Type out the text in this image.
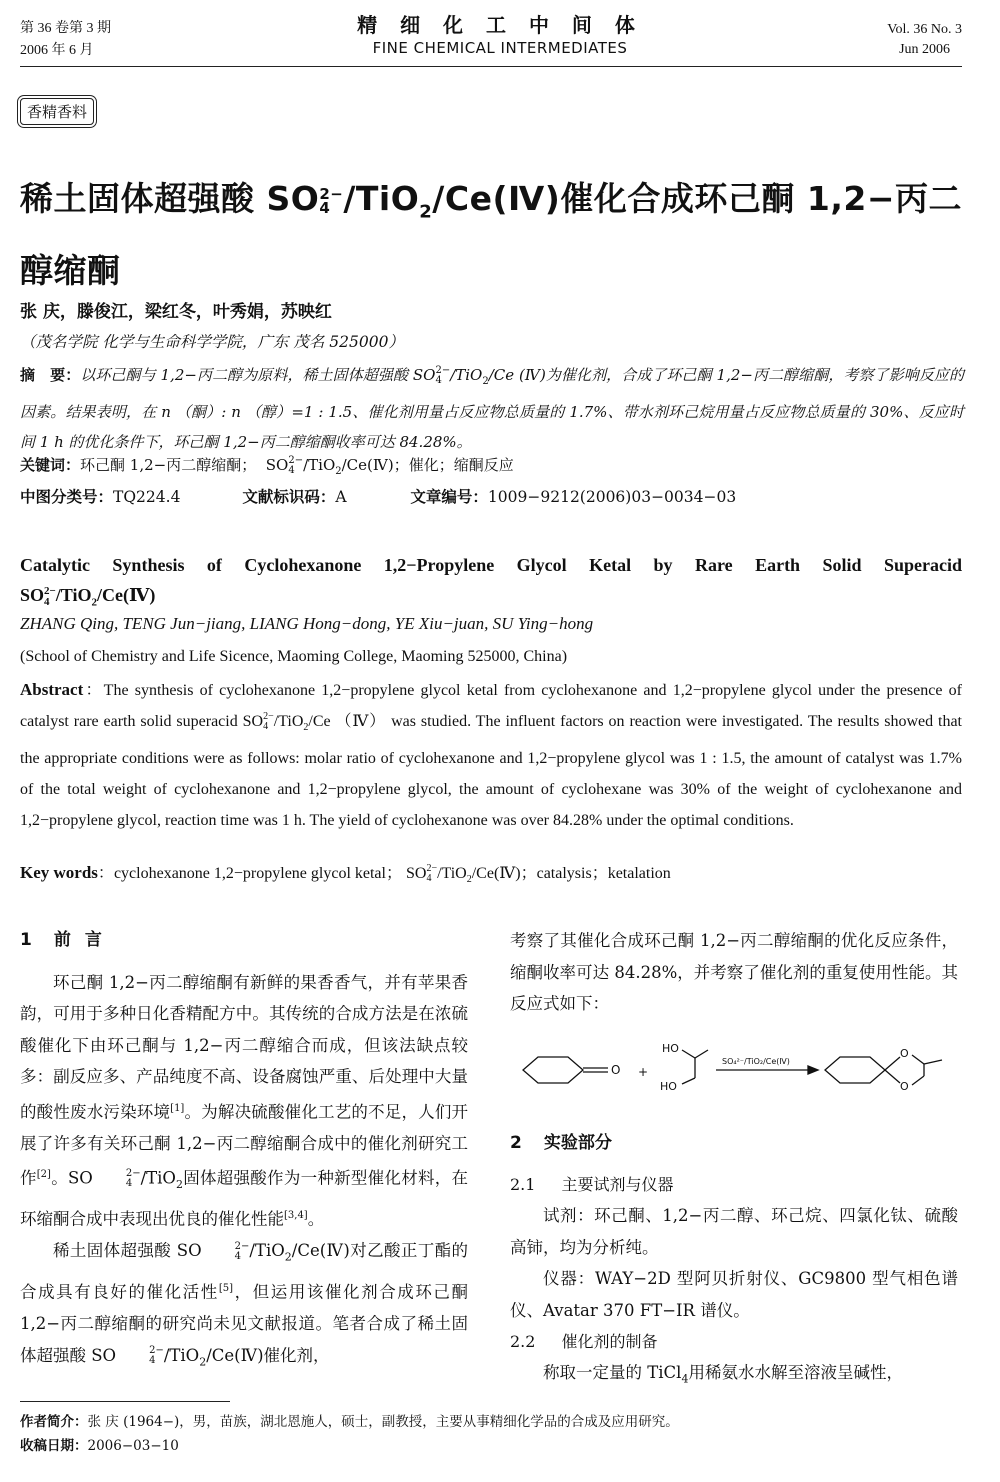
第 36 卷第 3 期
2006 年 6 月
精 细 化 工 中 间 体
FINE CHEMICAL INTERMEDIATES
Vol. 36 No. 3
Jun 2006
香精香料
稀土固体超强酸 SO 2−
4 /TiO$_2$/Ce(Ⅳ)催化合成环己酮 1,2−丙二醇缩酮
张 庆，滕俊江，梁红冬，叶秀娟，苏映红
（茂名学院 化学与生命科学学院，广东 茂名 525000）
摘　要：以环己酮与 1,2−丙二醇为原料，稀土固体超强酸 SO 2−
4 /TiO$_2$/Ce (Ⅳ)为催化剂，合成了环己酮 1,2−丙二醇缩酮，考察了影响反应的因素。结果表明，在 n （酮）: n （醇）=1 : 1.5、催化剂用量占反应物总质量的 1.7%、带水剂环己烷用量占反应物总质量的 30%、反应时间 1 h 的优化条件下，环己酮 1,2−丙二醇缩酮收率可达 84.28%。
关键词：环己酮 1,2−丙二醇缩酮； SO 2−
4 /TiO$_2$/Ce(Ⅳ)；催化；缩酮反应
中图分类号：TQ224.4	文献标识码：A	文章编号：1009−9212(2006)03−0034−03
Catalytic Synthesis of Cyclohexanone 1,2−Propylene Glycol Ketal by Rare Earth Solid Superacid
SO 2−
4 /TiO$_2$/Ce(Ⅳ)
ZHANG Qing, TENG Jun−jiang, LIANG Hong−dong, YE Xiu−juan, SU Ying−hong
(School of Chemistry and Life Sicence, Maoming College, Maoming 525000, China)
Abstract：The synthesis of cyclohexanone 1,2−propylene glycol ketal from cyclohexanone and 1,2−propylene glycol under the presence of catalyst rare earth solid superacid SO 2−
4 /TiO$_2$/Ce （Ⅳ） was studied. The influent factors on reaction were investigated. The results showed that the appropriate conditions were as follows: molar ratio of cyclohexanone and 1,2−propylene glycol was 1 : 1.5, the amount of catalyst was 1.7% of the total weight of cyclohexanone and 1,2−propylene glycol, the amount of cyclohexane was 30% of the weight of cyclohexanone and 1,2−propylene glycol, reaction time was 1 h. The yield of cyclohexanone was over 84.28% under the optimal conditions.
Key words：cyclohexanone 1,2−propylene glycol ketal； SO 2−
4 /TiO$_2$/Ce(Ⅳ)；catalysis；ketalation
1 前言

环己酮 1,2−丙二醇缩酮有新鲜的果香香气，并有苹果香韵，可用于多种日化香精配方中。其传统的合成方法是在浓硫酸催化下由环己酮与 1,2−丙二醇缩合而成，但该法缺点较多：副反应多、产品纯度不高、设备腐蚀严重、后处理中大量的酸性废水污染环境[1]。为解决硫酸催化工艺的不足，人们开展了许多有关环己酮 1,2−丙二醇缩酮合成中的催化剂研究工作[2]。SO	2−
4 /TiO$_2$固体超强酸作为一种新型催化材料，在环缩酮合成中表现出优良的催化性能[3,4]。

稀土固体超强酸 SO	2−
4 /TiO$_2$/Ce(Ⅳ)对乙酸正丁酯的合成具有良好的催化活性[5]，但运用该催化剂合成环己酮 1,2−丙二醇缩酮的研究尚未见文献报道。笔者合成了稀土固体超强酸 SO	2−
4 /TiO$_2$/Ce(Ⅳ)催化剂，

考察了其催化合成环己酮 1,2−丙二醇缩酮的优化反应条件，缩酮收率可达 84.28%，并考察了催化剂的重复使用性能。其反应式如下：

O +
HO
HO
SO₄²⁻/TiO₂/Ce(Ⅳ)
O
O
2 实验部分
2.1 主要试剂与仪器

试剂：环己酮、1,2−丙二醇、环己烷、四氯化钛、硫酸高铈，均为分析纯。

仪器：WAY−2D 型阿贝折射仪、GC9800 型气相色谱仪、Avatar 370 FT−IR 谱仪。

2.2 催化剂的制备

称取一定量的 TiCl$_4$用稀氨水水解至溶液呈碱性，

作者简介：张 庆 (1964−)，男，苗族，湖北恩施人，硕士，副教授，主要从事精细化学品的合成及应用研究。
收稿日期：2006−03−10
